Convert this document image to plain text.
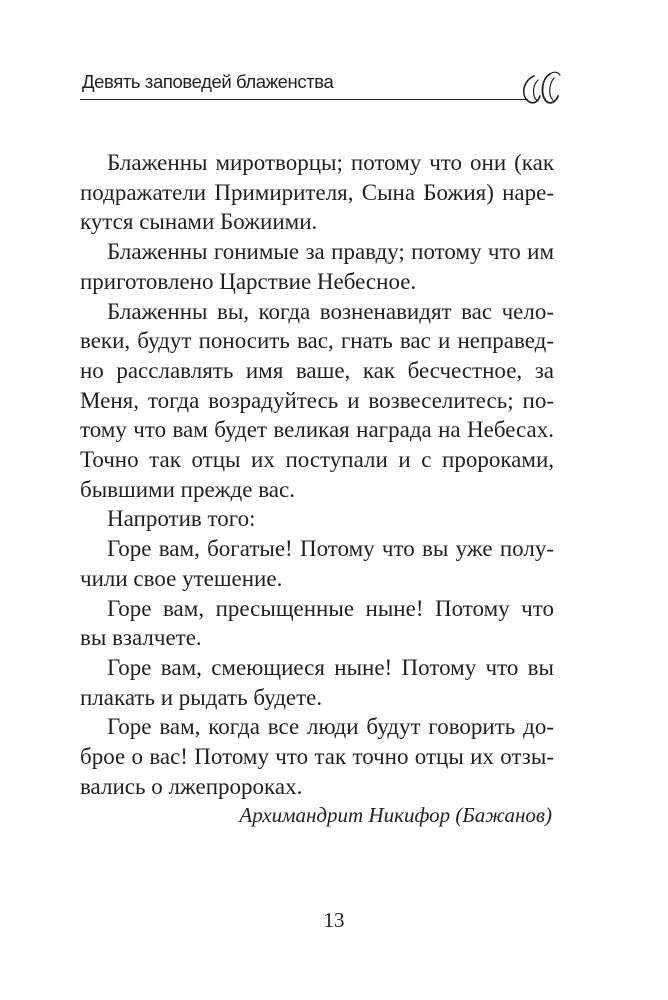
Девять заповедей блаженства

Блаженны миротворцы; потому что они (как подражатели Примирителя, Сына Божия) нарекутся сынами Божиими.

Блаженны гонимые за правду; потому что им приготовлено Царствие Небесное.

Блаженны вы, когда возненавидят вас человеки, будут поносить вас, гнать вас и неправедно расславлять имя ваше, как бесчестное, за Меня, тогда возрадуйтесь и возвеселитесь; потому что вам будет великая награда на Небесах. Точно так отцы их поступали и с пророками, бывшими прежде вас.

Напротив того:

Горе вам, богатые! Потому что вы уже получили свое утешение.

Горе вам, пресыщенные ныне! Потому что вы взалчете.

Горе вам, смеющиеся ныне! Потому что вы плакать и рыдать будете.

Горе вам, когда все люди будут говорить доброе о вас! Потому что так точно отцы их отзывались о лжепророках.

Архимандрит Никифор (Бажанов)

13
